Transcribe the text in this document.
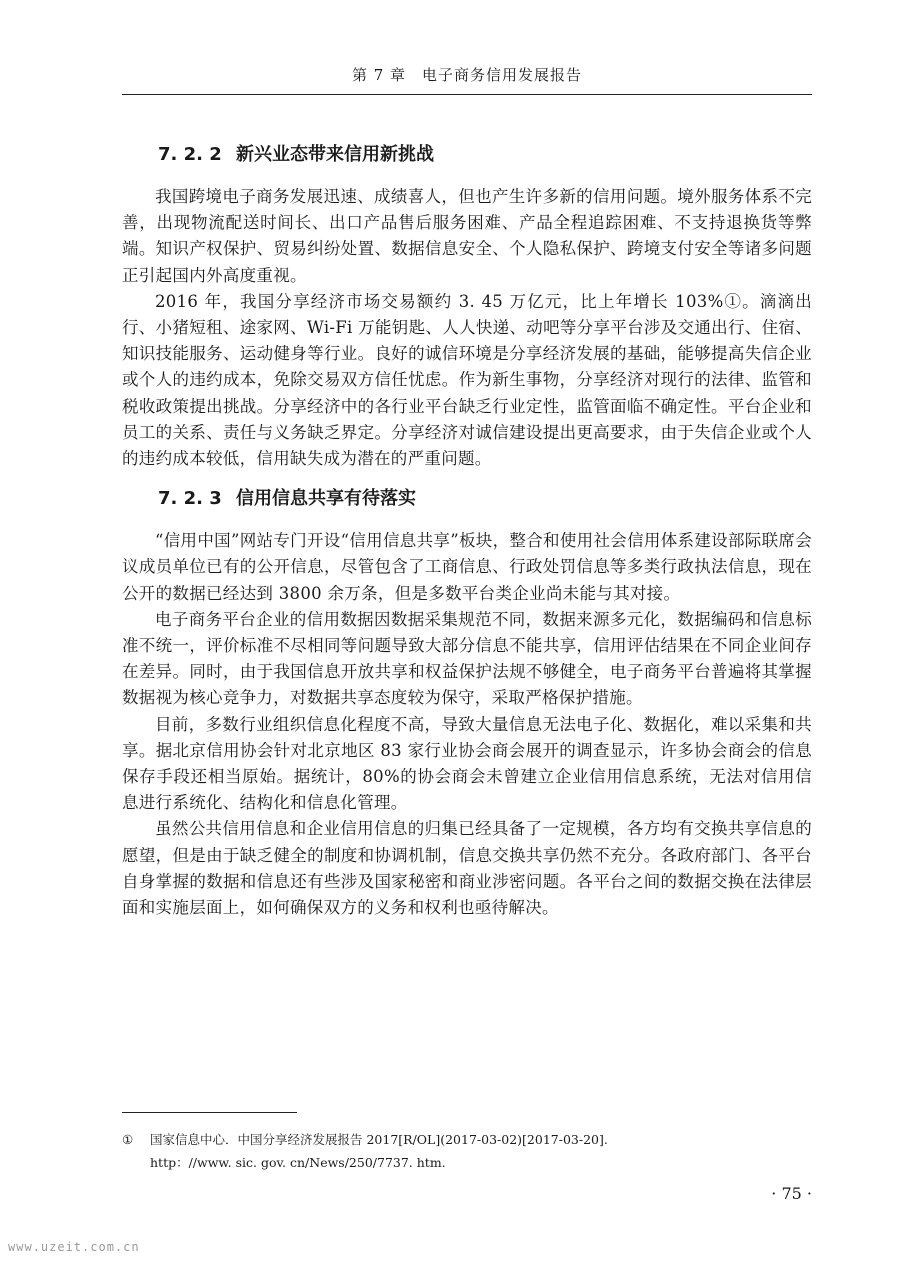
第 7 章　电子商务信用发展报告
7. 2. 2 新兴业态带来信用新挑战

我国跨境电子商务发展迅速、成绩喜人，但也产生许多新的信用问题。境外服务体系不完善，出现物流配送时间长、出口产品售后服务困难、产品全程追踪困难、不支持退换货等弊端。知识产权保护、贸易纠纷处置、数据信息安全、个人隐私保护、跨境支付安全等诸多问题正引起国内外高度重视。

2016 年，我国分享经济市场交易额约 3. 45 万亿元，比上年增长 103%①。滴滴出行、小猪短租、途家网、Wi-Fi 万能钥匙、人人快递、动吧等分享平台涉及交通出行、住宿、知识技能服务、运动健身等行业。良好的诚信环境是分享经济发展的基础，能够提高失信企业或个人的违约成本，免除交易双方信任忧虑。作为新生事物，分享经济对现行的法律、监管和税收政策提出挑战。分享经济中的各行业平台缺乏行业定性，监管面临不确定性。平台企业和员工的关系、责任与义务缺乏界定。分享经济对诚信建设提出更高要求，由于失信企业或个人的违约成本较低，信用缺失成为潜在的严重问题。

7. 2. 3 信用信息共享有待落实

“信用中国”网站专门开设“信用信息共享”板块，整合和使用社会信用体系建设部际联席会议成员单位已有的公开信息，尽管包含了工商信息、行政处罚信息等多类行政执法信息，现在公开的数据已经达到 3800 余万条，但是多数平台类企业尚未能与其对接。

电子商务平台企业的信用数据因数据采集规范不同，数据来源多元化，数据编码和信息标准不统一，评价标准不尽相同等问题导致大部分信息不能共享，信用评估结果在不同企业间存在差异。同时，由于我国信息开放共享和权益保护法规不够健全，电子商务平台普遍将其掌握数据视为核心竞争力，对数据共享态度较为保守，采取严格保护措施。

目前，多数行业组织信息化程度不高，导致大量信息无法电子化、数据化，难以采集和共享。据北京信用协会针对北京地区 83 家行业协会商会展开的调查显示，许多协会商会的信息保存手段还相当原始。据统计，80%的协会商会未曾建立企业信用信息系统，无法对信用信息进行系统化、结构化和信息化管理。

虽然公共信用信息和企业信用信息的归集已经具备了一定规模，各方均有交换共享信息的愿望，但是由于缺乏健全的制度和协调机制，信息交换共享仍然不充分。各政府部门、各平台自身掌握的数据和信息还有些涉及国家秘密和商业涉密问题。各平台之间的数据交换在法律层面和实施层面上，如何确保双方的义务和权利也亟待解决。

① 国家信息中心．中国分享经济发展报告 2017[R/OL](2017-03-02)[2017-03-20].
http：//www. sic. gov. cn/News/250/7737. htm.
· 75 ·
www.uzeit.com.cn
